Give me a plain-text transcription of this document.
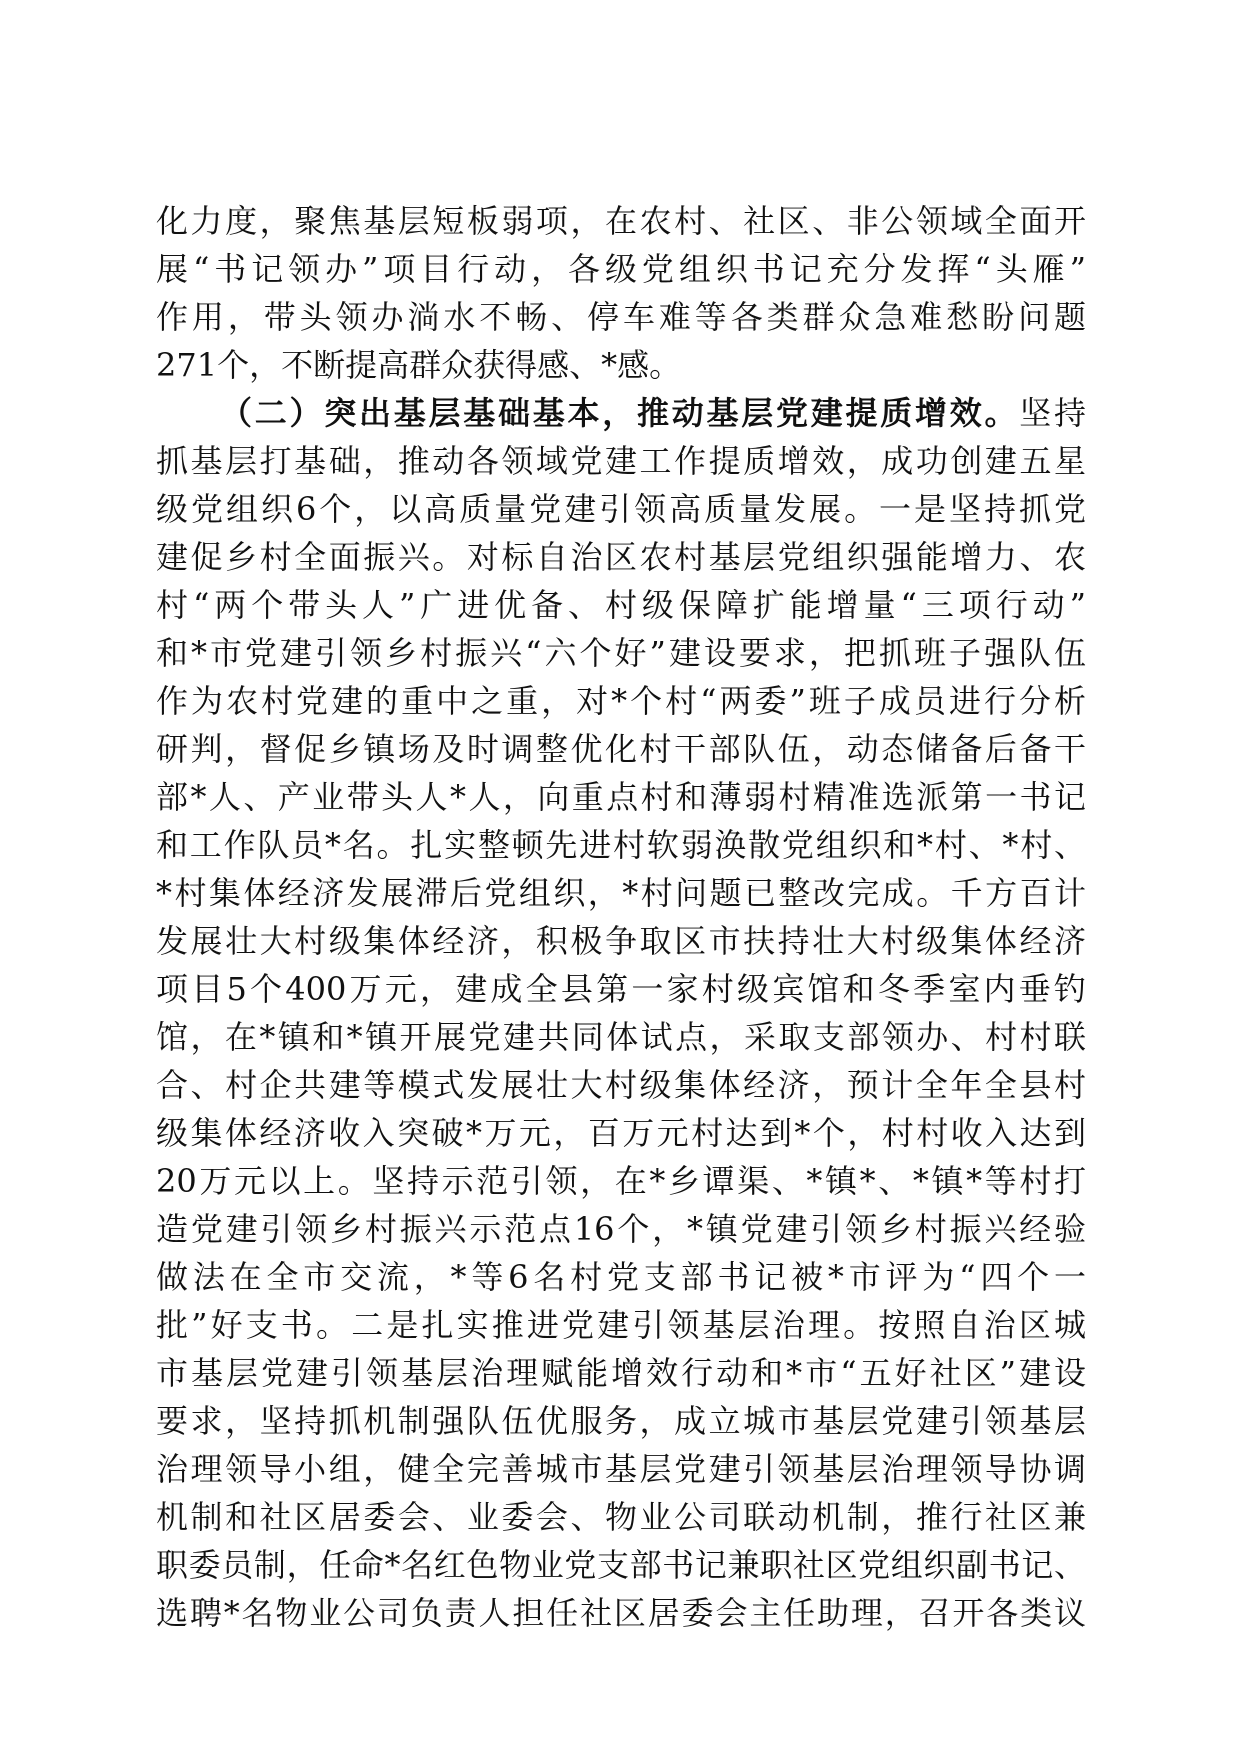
化力度，聚焦基层短板弱项，在农村、社区、非公领域全面开
展“书记领办”项目行动，各级党组织书记充分发挥“头雁”
作用，带头领办淌水不畅、停车难等各类群众急难愁盼问题
271个，不断提高群众获得感、*感。
（二）突出基层基础基本，推动基层党建提质增效。坚持
抓基层打基础，推动各领域党建工作提质增效，成功创建五星
级党组织6个，以高质量党建引领高质量发展。一是坚持抓党
建促乡村全面振兴。对标自治区农村基层党组织强能增力、农
村“两个带头人”广进优备、村级保障扩能增量“三项行动”
和*市党建引领乡村振兴“六个好”建设要求，把抓班子强队伍
作为农村党建的重中之重，对*个村“两委”班子成员进行分析
研判，督促乡镇场及时调整优化村干部队伍，动态储备后备干
部*人、产业带头人*人，向重点村和薄弱村精准选派第一书记
和工作队员*名。扎实整顿先进村软弱涣散党组织和*村、*村、
*村集体经济发展滞后党组织，*村问题已整改完成。千方百计
发展壮大村级集体经济，积极争取区市扶持壮大村级集体经济
项目5个400万元，建成全县第一家村级宾馆和冬季室内垂钓
馆，在*镇和*镇开展党建共同体试点，采取支部领办、村村联
合、村企共建等模式发展壮大村级集体经济，预计全年全县村
级集体经济收入突破*万元，百万元村达到*个，村村收入达到
20万元以上。坚持示范引领，在*乡谭渠、*镇*、*镇*等村打
造党建引领乡村振兴示范点16个，*镇党建引领乡村振兴经验
做法在全市交流，*等6名村党支部书记被*市评为“四个一
批”好支书。二是扎实推进党建引领基层治理。按照自治区城
市基层党建引领基层治理赋能增效行动和*市“五好社区”建设
要求，坚持抓机制强队伍优服务，成立城市基层党建引领基层
治理领导小组，健全完善城市基层党建引领基层治理领导协调
机制和社区居委会、业委会、物业公司联动机制，推行社区兼
职委员制，任命*名红色物业党支部书记兼职社区党组织副书记、
选聘*名物业公司负责人担任社区居委会主任助理，召开各类议
